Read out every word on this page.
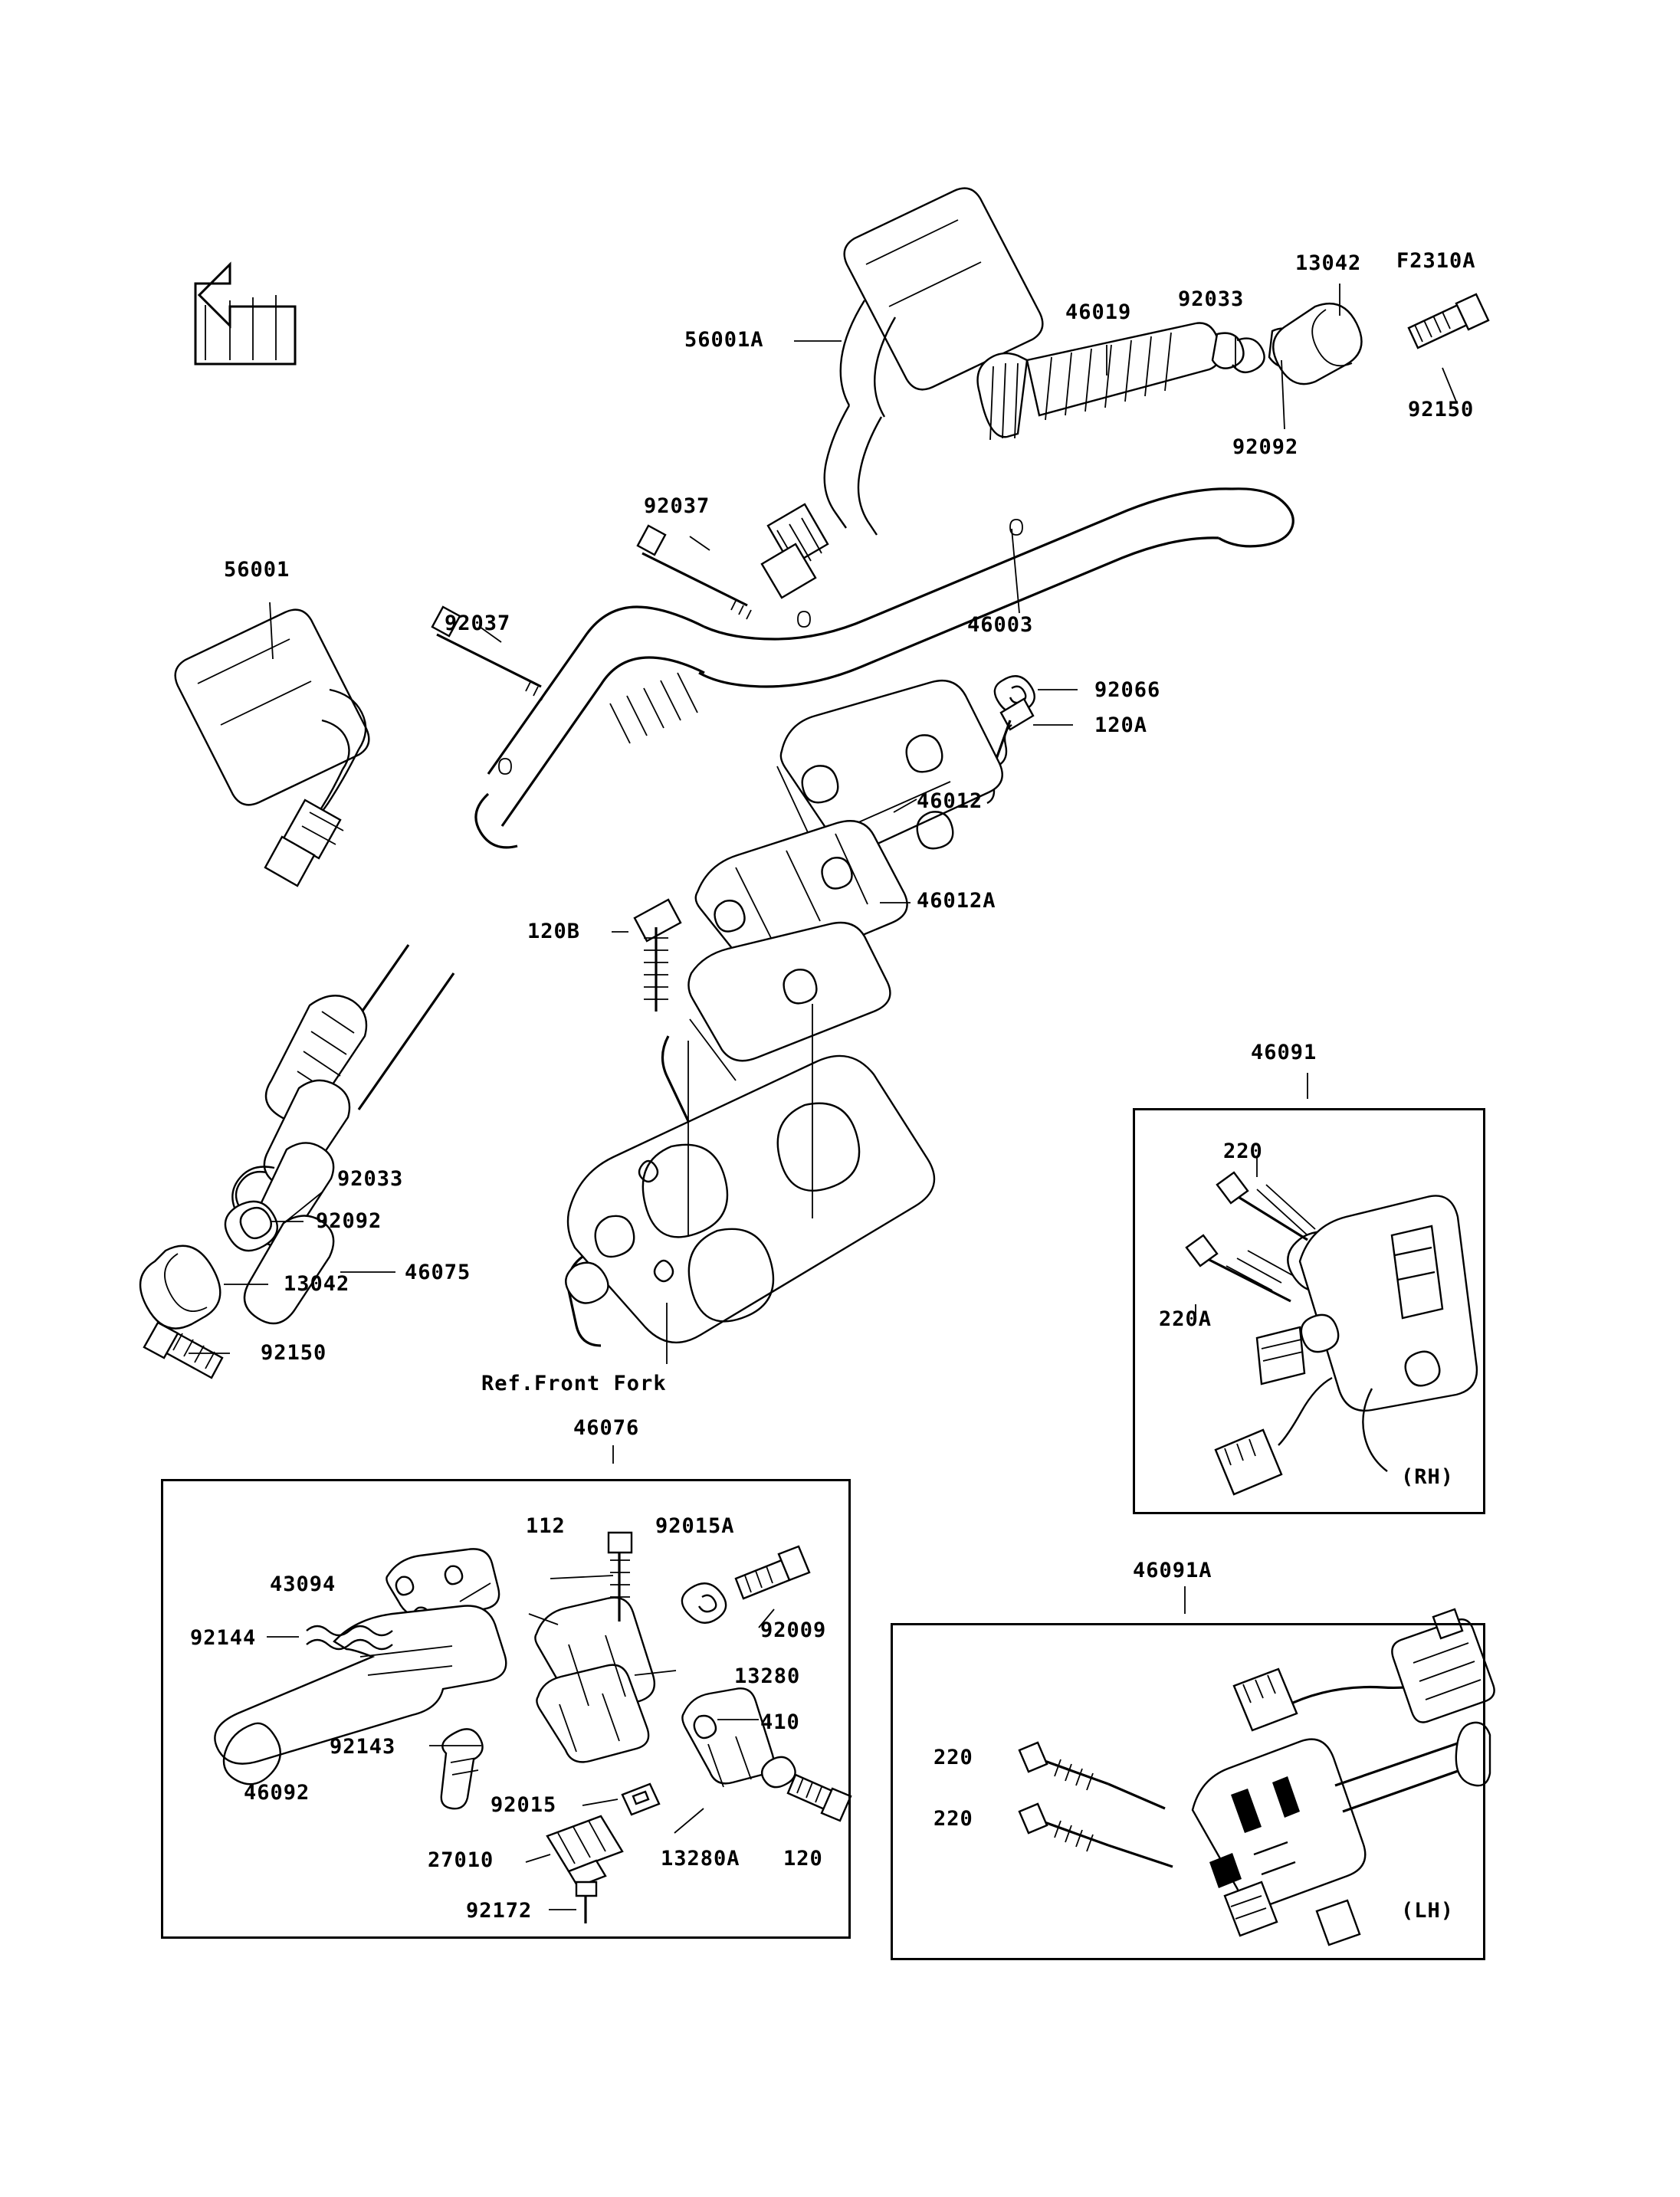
F2310A
56001A
56001
92037
92037
46019
92033
13042
92092
92150
46003
92066
120A
46012
46012A
120B
46075
92033
92092
13042
92150
Ref.Front Fork
46076
46091
220
220A
(RH)
46091A
220
220
(LH)
112	92015A
43094
92144	92009
13280
410
92143
46092
92015
13280A 120
27010
92172
